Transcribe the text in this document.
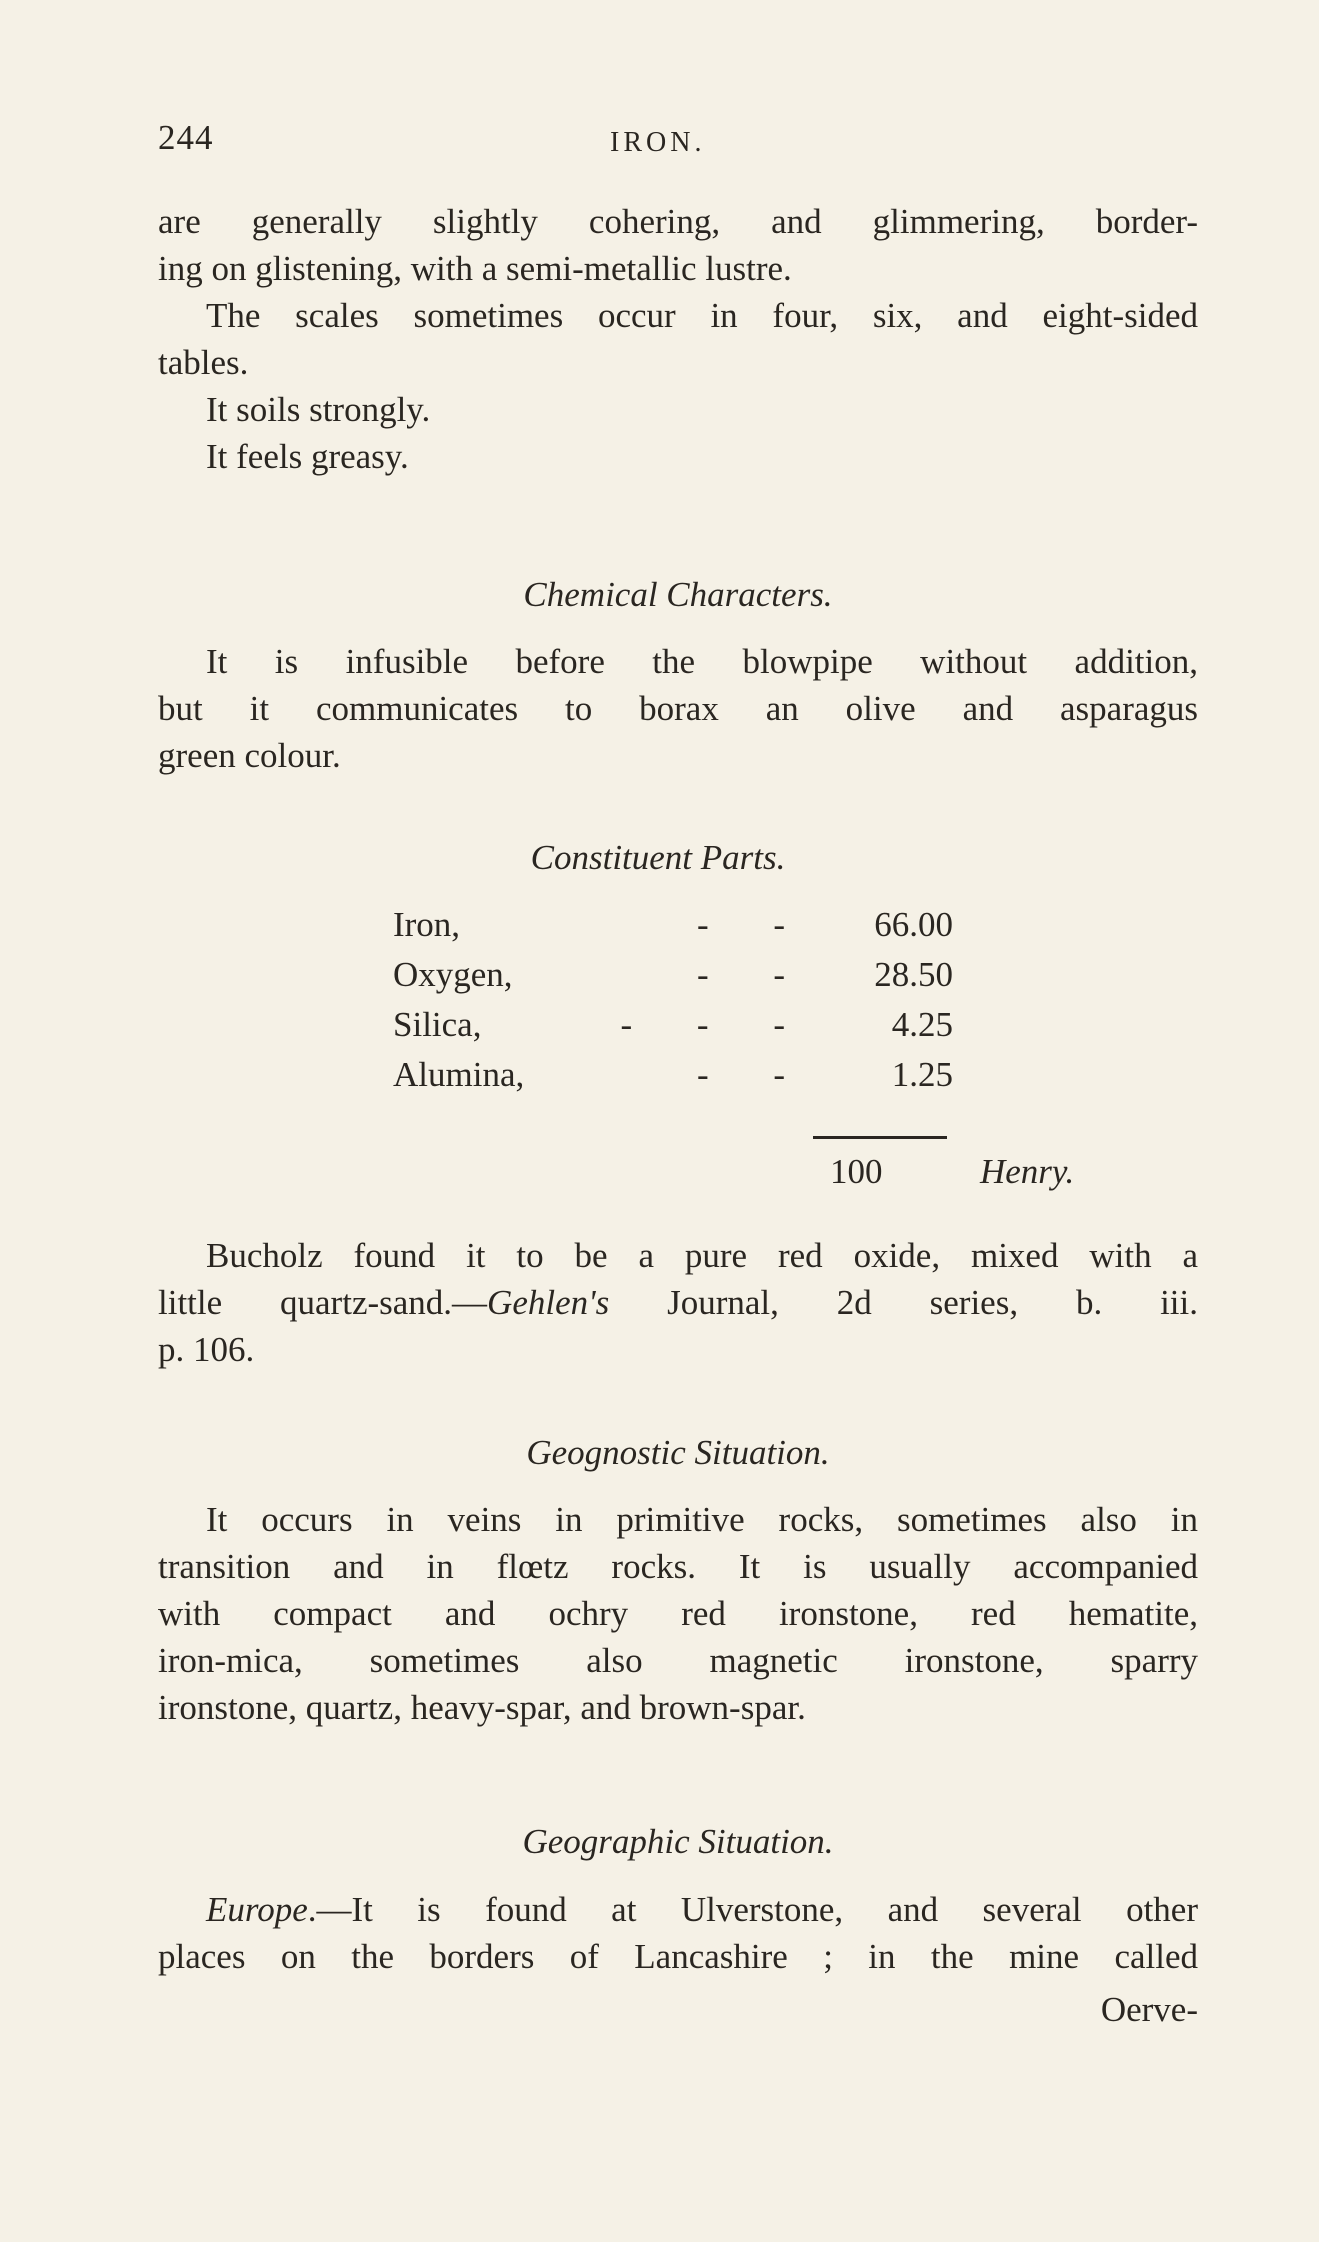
244	IRON.

are generally slightly cohering, and glimmering, border-
ing on glistening, with a semi-metallic lustre.

The scales sometimes occur in four, six, and eight-sided
tables.

It soils strongly.

It feels greasy.

Chemical Characters.

It is infusible before the blowpipe without addition,
but it communicates to borax an olive and asparagus
green colour.

Constituent Parts.
Iron,	- - 66.00
Oxygen,	- - 28.50
Silica,	- - - 4.25
Alumina,	- - 1.25
100	Henry.

Bucholz found it to be a pure red oxide, mixed with a
little quartz-sand.—Gehlen's Journal, 2d series, b. iii.
p. 106.

Geognostic Situation.

It occurs in veins in primitive rocks, sometimes also in
transition and in flœtz rocks. It is usually accompanied
with compact and ochry red ironstone, red hematite,
iron-mica, sometimes also magnetic ironstone, sparry
ironstone, quartz, heavy-spar, and brown-spar.

Geographic Situation.

Europe.—It is found at Ulverstone, and several other
places on the borders of Lancashire ; in the mine called

Oerve-
